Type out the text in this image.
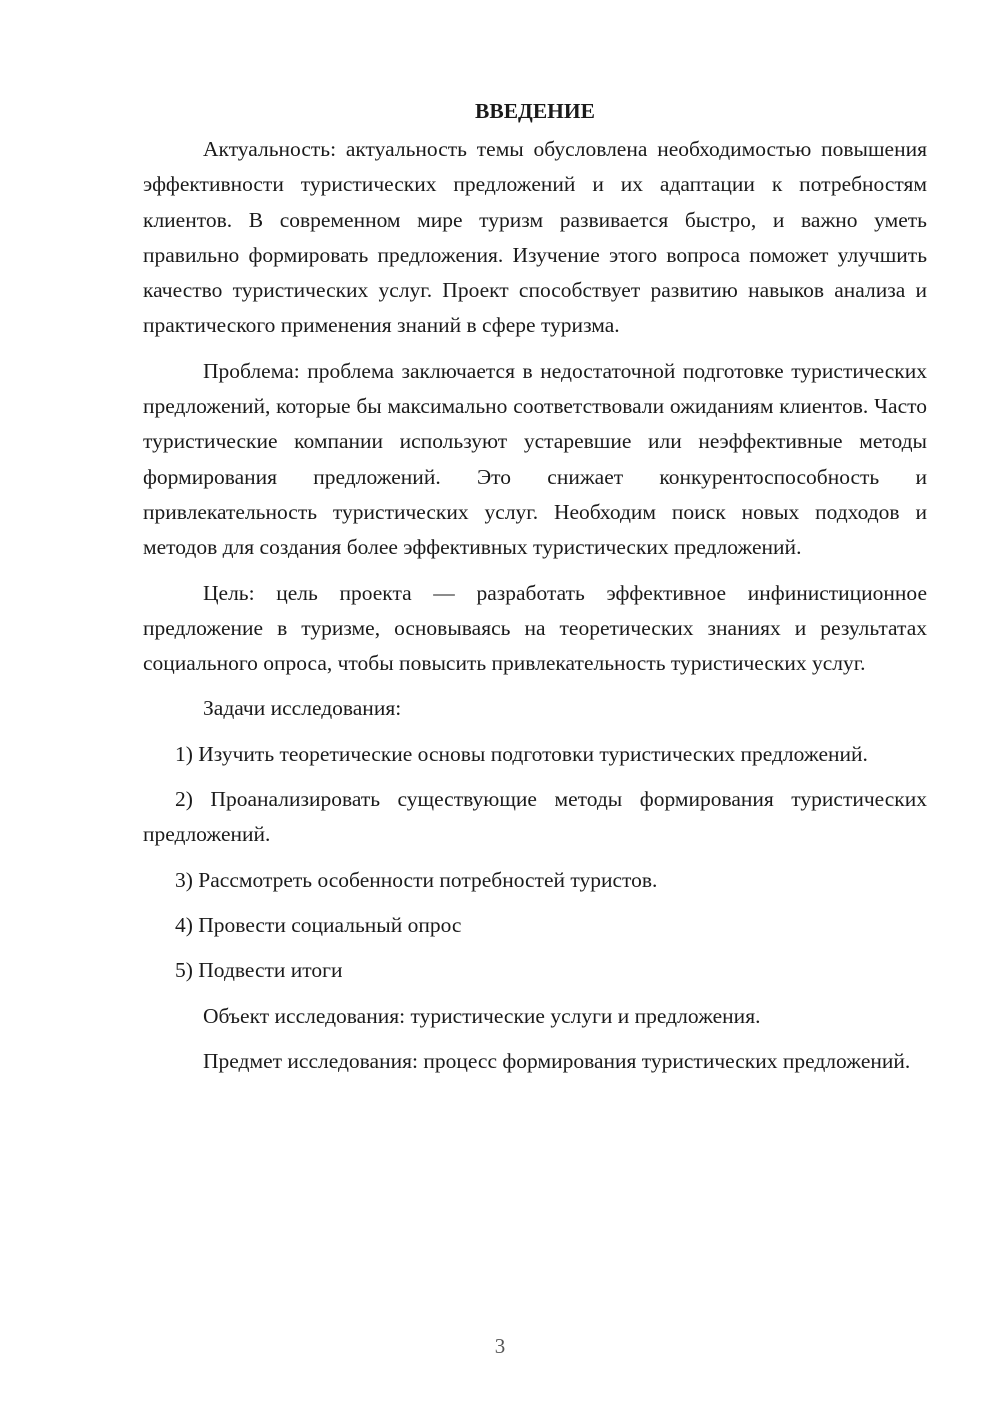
ВВЕДЕНИЕ

Актуальность: актуальность темы обусловлена необходимостью повышения эффективности туристических предложений и их адаптации к потребностям клиентов. В современном мире туризм развивается быстро, и важно уметь правильно формировать предложения. Изучение этого вопроса поможет улучшить качество туристических услуг. Проект способствует развитию навыков анализа и практического применения знаний в сфере туризма.

Проблема: проблема заключается в недостаточной подготовке туристических предложений, которые бы максимально соответствовали ожиданиям клиентов. Часто туристические компании используют устаревшие или неэффективные методы формирования предложений. Это снижает конкурентоспособность и привлекательность туристических услуг. Необходим поиск новых подходов и методов для создания более эффективных туристических предложений.

Цель: цель проекта — разработать эффективное инфинистиционное предложение в туризме, основываясь на теоретических знаниях и результатах социального опроса, чтобы повысить привлекательность туристических услуг.

Задачи исследования:

1) Изучить теоретические основы подготовки туристических предложений.

2) Проанализировать существующие методы формирования туристических предложений.

3) Рассмотреть особенности потребностей туристов.

4) Провести социальный опрос

5) Подвести итоги

Объект исследования: туристические услуги и предложения.

Предмет исследования: процесс формирования туристических предложений.

3
